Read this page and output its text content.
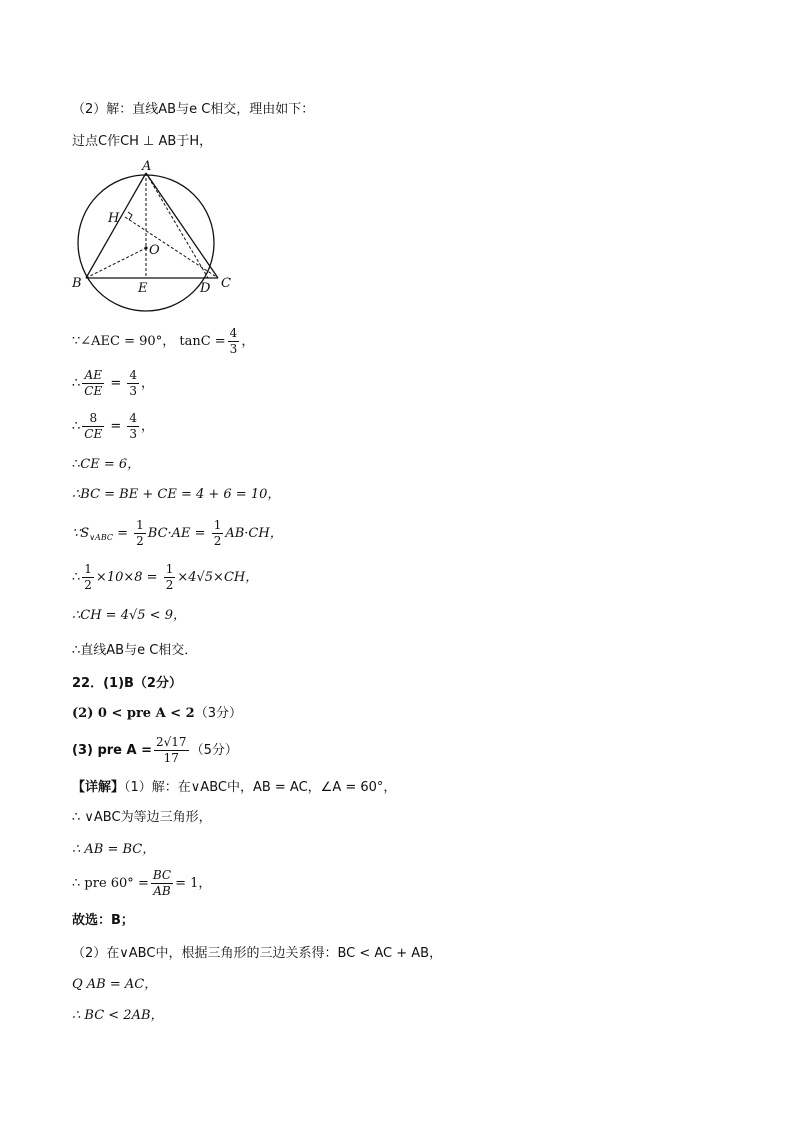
（2）解：直线AB与e C相交，理由如下：
过点C作CH ⊥ AB于H，
A
B	C
D
E
H
O
∵∠AEC = 90°， $\tan C = \frac{4}{3}$ ，
∴ $\frac{AE}{CE} = \frac{4}{3}$ ，
∴ $\frac{8}{CE} = \frac{4}{3}$ ，
∴CE = 6，
∴BC = BE + CE = 4 + 6 = 10，
$\because S_{\vee ABC} = \frac{1}{2} BC\cdot AE = \frac{1}{2} AB\cdot CH$，
∴ $\frac{1}{2} \times 10\times 8 = \frac{1}{2} \times 4√5\times CH$，
∴CH = 4√5 < 9，
∴直线AB与e C相交．
22．(1)B（2分）
(2) 0 < pre A < 2（3分）
(3) pre $A = \frac{2√17}{17} (5$分）
【详解】（1）解：在∨ABC中，AB = AC，∠A = 60°，
∴ ∨ABC为等边三角形，
∴ AB = BC，
∴ pre $60^\circ = \frac{BC}{AB} = 1$，
故选：B；
（2）在∨ABC中，根据三角形的三边关系得：BC < AC + AB，
Q AB = AC，
∴ BC < 2AB，
